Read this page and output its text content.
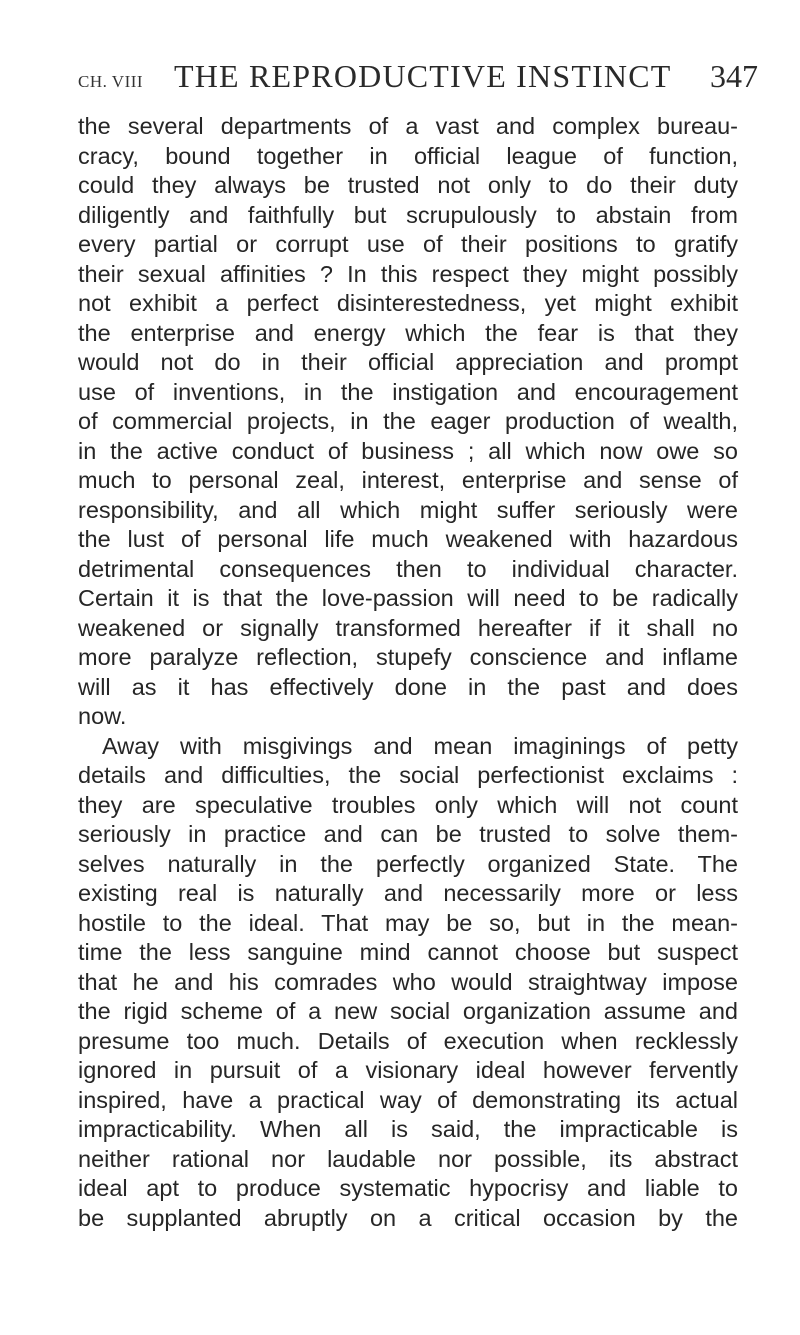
CH. VIII THE REPRODUCTIVE INSTINCT 347
the several departments of a vast and complex bureau-
cracy, bound together in official league of function,
could they always be trusted not only to do their duty
diligently and faithfully but scrupulously to abstain from
every partial or corrupt use of their positions to gratify
their sexual affinities ? In this respect they might possibly
not exhibit a perfect disinterestedness, yet might exhibit
the enterprise and energy which the fear is that they
would not do in their official appreciation and prompt
use of inventions, in the instigation and encouragement
of commercial projects, in the eager production of wealth,
in the active conduct of business ; all which now owe so
much to personal zeal, interest, enterprise and sense of
responsibility, and all which might suffer seriously were
the lust of personal life much weakened with hazardous
detrimental consequences then to individual character.
Certain it is that the love-passion will need to be radically
weakened or signally transformed hereafter if it shall no
more paralyze reflection, stupefy conscience and inflame
will as it has effectively done in the past and does
now.
Away with misgivings and mean imaginings of petty
details and difficulties, the social perfectionist exclaims :
they are speculative troubles only which will not count
seriously in practice and can be trusted to solve them-
selves naturally in the perfectly organized State. The
existing real is naturally and necessarily more or less
hostile to the ideal. That may be so, but in the mean-
time the less sanguine mind cannot choose but suspect
that he and his comrades who would straightway impose
the rigid scheme of a new social organization assume and
presume too much. Details of execution when recklessly
ignored in pursuit of a visionary ideal however fervently
inspired, have a practical way of demonstrating its actual
impracticability. When all is said, the impracticable is
neither rational nor laudable nor possible, its abstract
ideal apt to produce systematic hypocrisy and liable to
be supplanted abruptly on a critical occasion by the
